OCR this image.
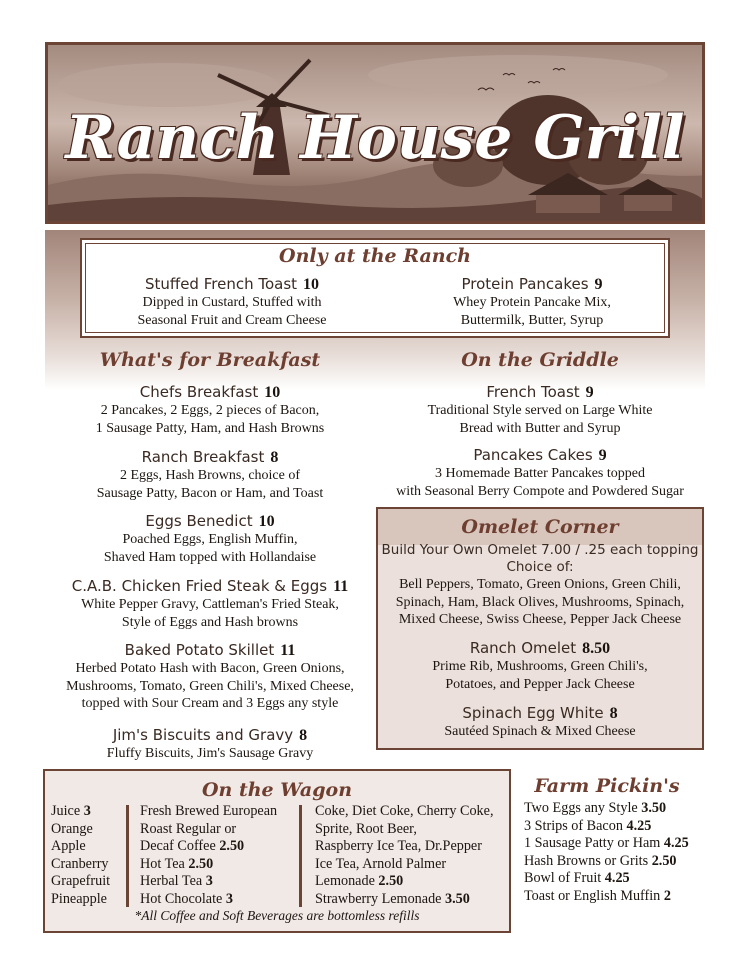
Ranch House Grill
Only at the Ranch
Stuffed French Toast 10
Dipped in Custard, Stuffed with
Seasonal Fruit and Cream Cheese
Protein Pancakes 9
Whey Protein Pancake Mix,
Buttermilk, Butter, Syrup
What's for Breakfast
Chefs Breakfast 10
2 Pancakes, 2 Eggs, 2 pieces of Bacon,
1 Sausage Patty, Ham, and Hash Browns
Ranch Breakfast 8
2 Eggs, Hash Browns, choice of
Sausage Patty, Bacon or Ham, and Toast
Eggs Benedict 10
Poached Eggs, English Muffin,
Shaved Ham topped with Hollandaise
C.A.B. Chicken Fried Steak & Eggs 11
White Pepper Gravy, Cattleman's Fried Steak,
Style of Eggs and Hash browns
Baked Potato Skillet 11
Herbed Potato Hash with Bacon, Green Onions,
Mushrooms, Tomato, Green Chili's, Mixed Cheese,
topped with Sour Cream and 3 Eggs any style
Jim's Biscuits and Gravy 8
Fluffy Biscuits, Jim's Sausage Gravy
On the Griddle
French Toast 9
Traditional Style served on Large White
Bread with Butter and Syrup
Pancakes Cakes 9
3 Homemade Batter Pancakes topped
with Seasonal Berry Compote and Powdered Sugar
Omelet Corner
Build Your Own Omelet 7.00 / .25 each topping
Choice of:
Bell Peppers, Tomato, Green Onions, Green Chili,
Spinach, Ham, Black Olives, Mushrooms, Spinach,
Mixed Cheese, Swiss Cheese, Pepper Jack Cheese
Ranch Omelet 8.50
Prime Rib, Mushrooms, Green Chili's,
Potatoes, and Pepper Jack Cheese
Spinach Egg White 8
Sautéed Spinach & Mixed Cheese
On the Wagon
Juice 3
Orange
Apple
Cranberry
Grapefruit
Pineapple
Fresh Brewed European
Roast Regular or
Decaf Coffee 2.50
Hot Tea 2.50
Herbal Tea 3
Hot Chocolate 3
Coke, Diet Coke, Cherry Coke,
Sprite, Root Beer,
Raspberry Ice Tea, Dr.Pepper
Ice Tea, Arnold Palmer
Lemonade 2.50
Strawberry Lemonade 3.50
*All Coffee and Soft Beverages are bottomless refills
Farm Pickin's
Two Eggs any Style 3.50
3 Strips of Bacon 4.25
1 Sausage Patty or Ham 4.25
Hash Browns or Grits 2.50
Bowl of Fruit 4.25
Toast or English Muffin 2
